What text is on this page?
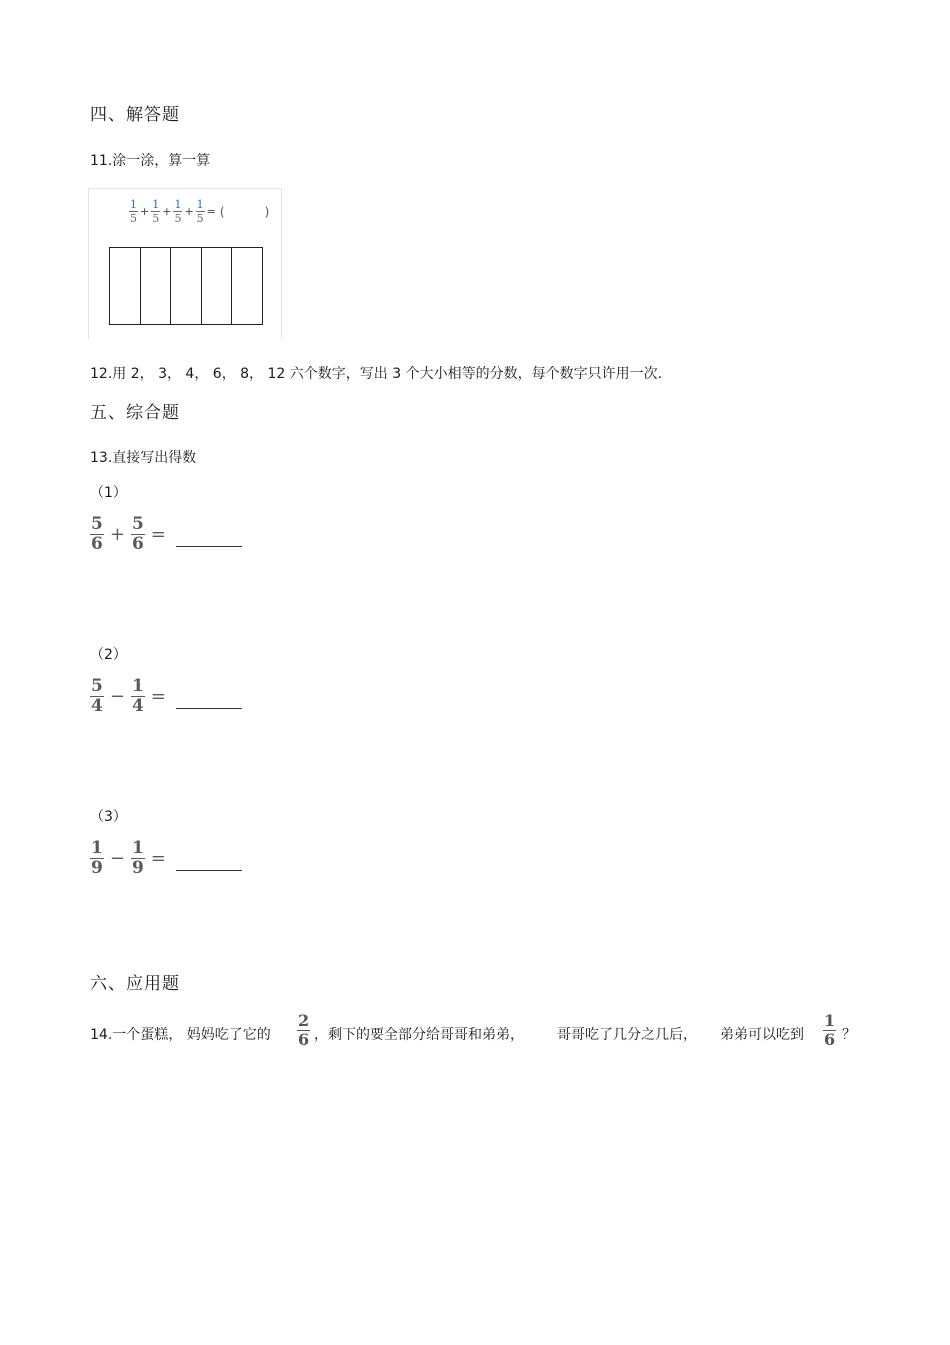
四、解答题
11.涂一涂，算一算
$\frac{1}{5} + \frac{1}{5} + \frac{1}{5} + \frac{1}{5}$ = (	)
12.用 2， 3， 4， 6， 8， 12 六个数字，写出 3 个大小相等的分数，每个数字只许用一次.
五、综合题
13.直接写出得数
（1）
$\frac{5}{6} + \frac{5}{6}$ =
（2）
$\frac{5}{4} - \frac{1}{4}$ =
（3）
$\frac{1}{9} - \frac{1}{9}$ =
六、应用题
14.一个蛋糕， 妈妈吃了它的 $\frac{2}{6}$ ，剩下的要全部分给哥哥和弟弟， 哥哥吃了几分之几后， 弟弟可以吃到 $\frac{1}{6}$ ？
